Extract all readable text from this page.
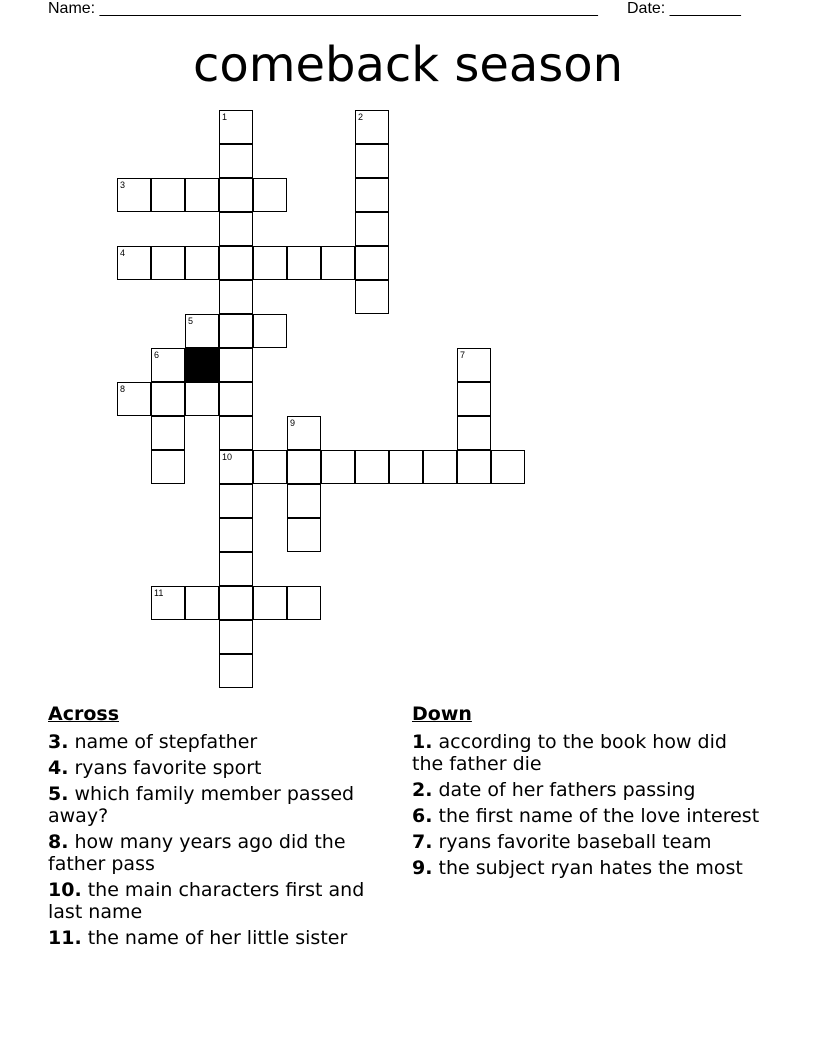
Name: ________________________________________________________ Date: ________
comeback season
1
10
2
3
4
5
6	7
8
9
11
Across
3. name of stepfather
4. ryans favorite sport
5. which family member passed away?
8. how many years ago did the father pass
10. the main characters first and last name
11. the name of her little sister
Down
1. according to the book how did the father die
2. date of her fathers passing
6. the first name of the love interest
7. ryans favorite baseball team
9. the subject ryan hates the most
